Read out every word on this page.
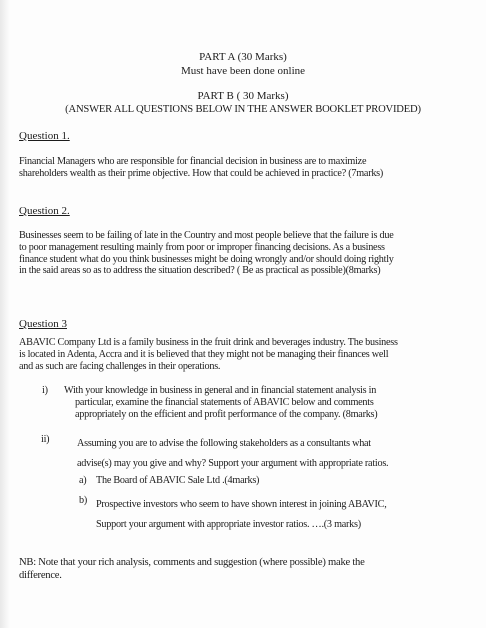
PART A (30 Marks)
Must have been done online
PART B ( 30 Marks)
(ANSWER ALL QUESTIONS BELOW IN THE ANSWER BOOKLET PROVIDED)
Question 1.
Financial Managers who are responsible for financial decision in business are to maximize
shareholders wealth as their prime objective. How that could be achieved in practice? (7marks)
Question 2.
Businesses seem to be failing of late in the Country and most people believe that the failure is due
to poor management resulting mainly from poor or improper financing decisions. As a business
finance student what do you think businesses might be doing wrongly and/or should doing rightly
in the said areas so as to address the situation described? ( Be as practical as possible)(8marks)
Question 3
ABAVIC Company Ltd is a family business in the fruit drink and beverages industry. The business
is located in Adenta, Accra and it is believed that they might not be managing their finances well
and as such are facing challenges in their operations.
i) With your knowledge in business in general and in financial statement analysis in
particular, examine the financial statements of ABAVIC below and comments
appropriately on the efficient and profit performance of the company. (8marks)
ii)	Assuming you are to advise the following stakeholders as a consultants what
advise(s) may you give and why? Support your argument with appropriate ratios.
a) The Board of ABAVIC Sale Ltd .(4marks)
b) Prospective investors who seem to have shown interest in joining ABAVIC,
Support your argument with appropriate investor ratios. ….(3 marks)
NB: Note that your rich analysis, comments and suggestion (where possible) make the
difference.
